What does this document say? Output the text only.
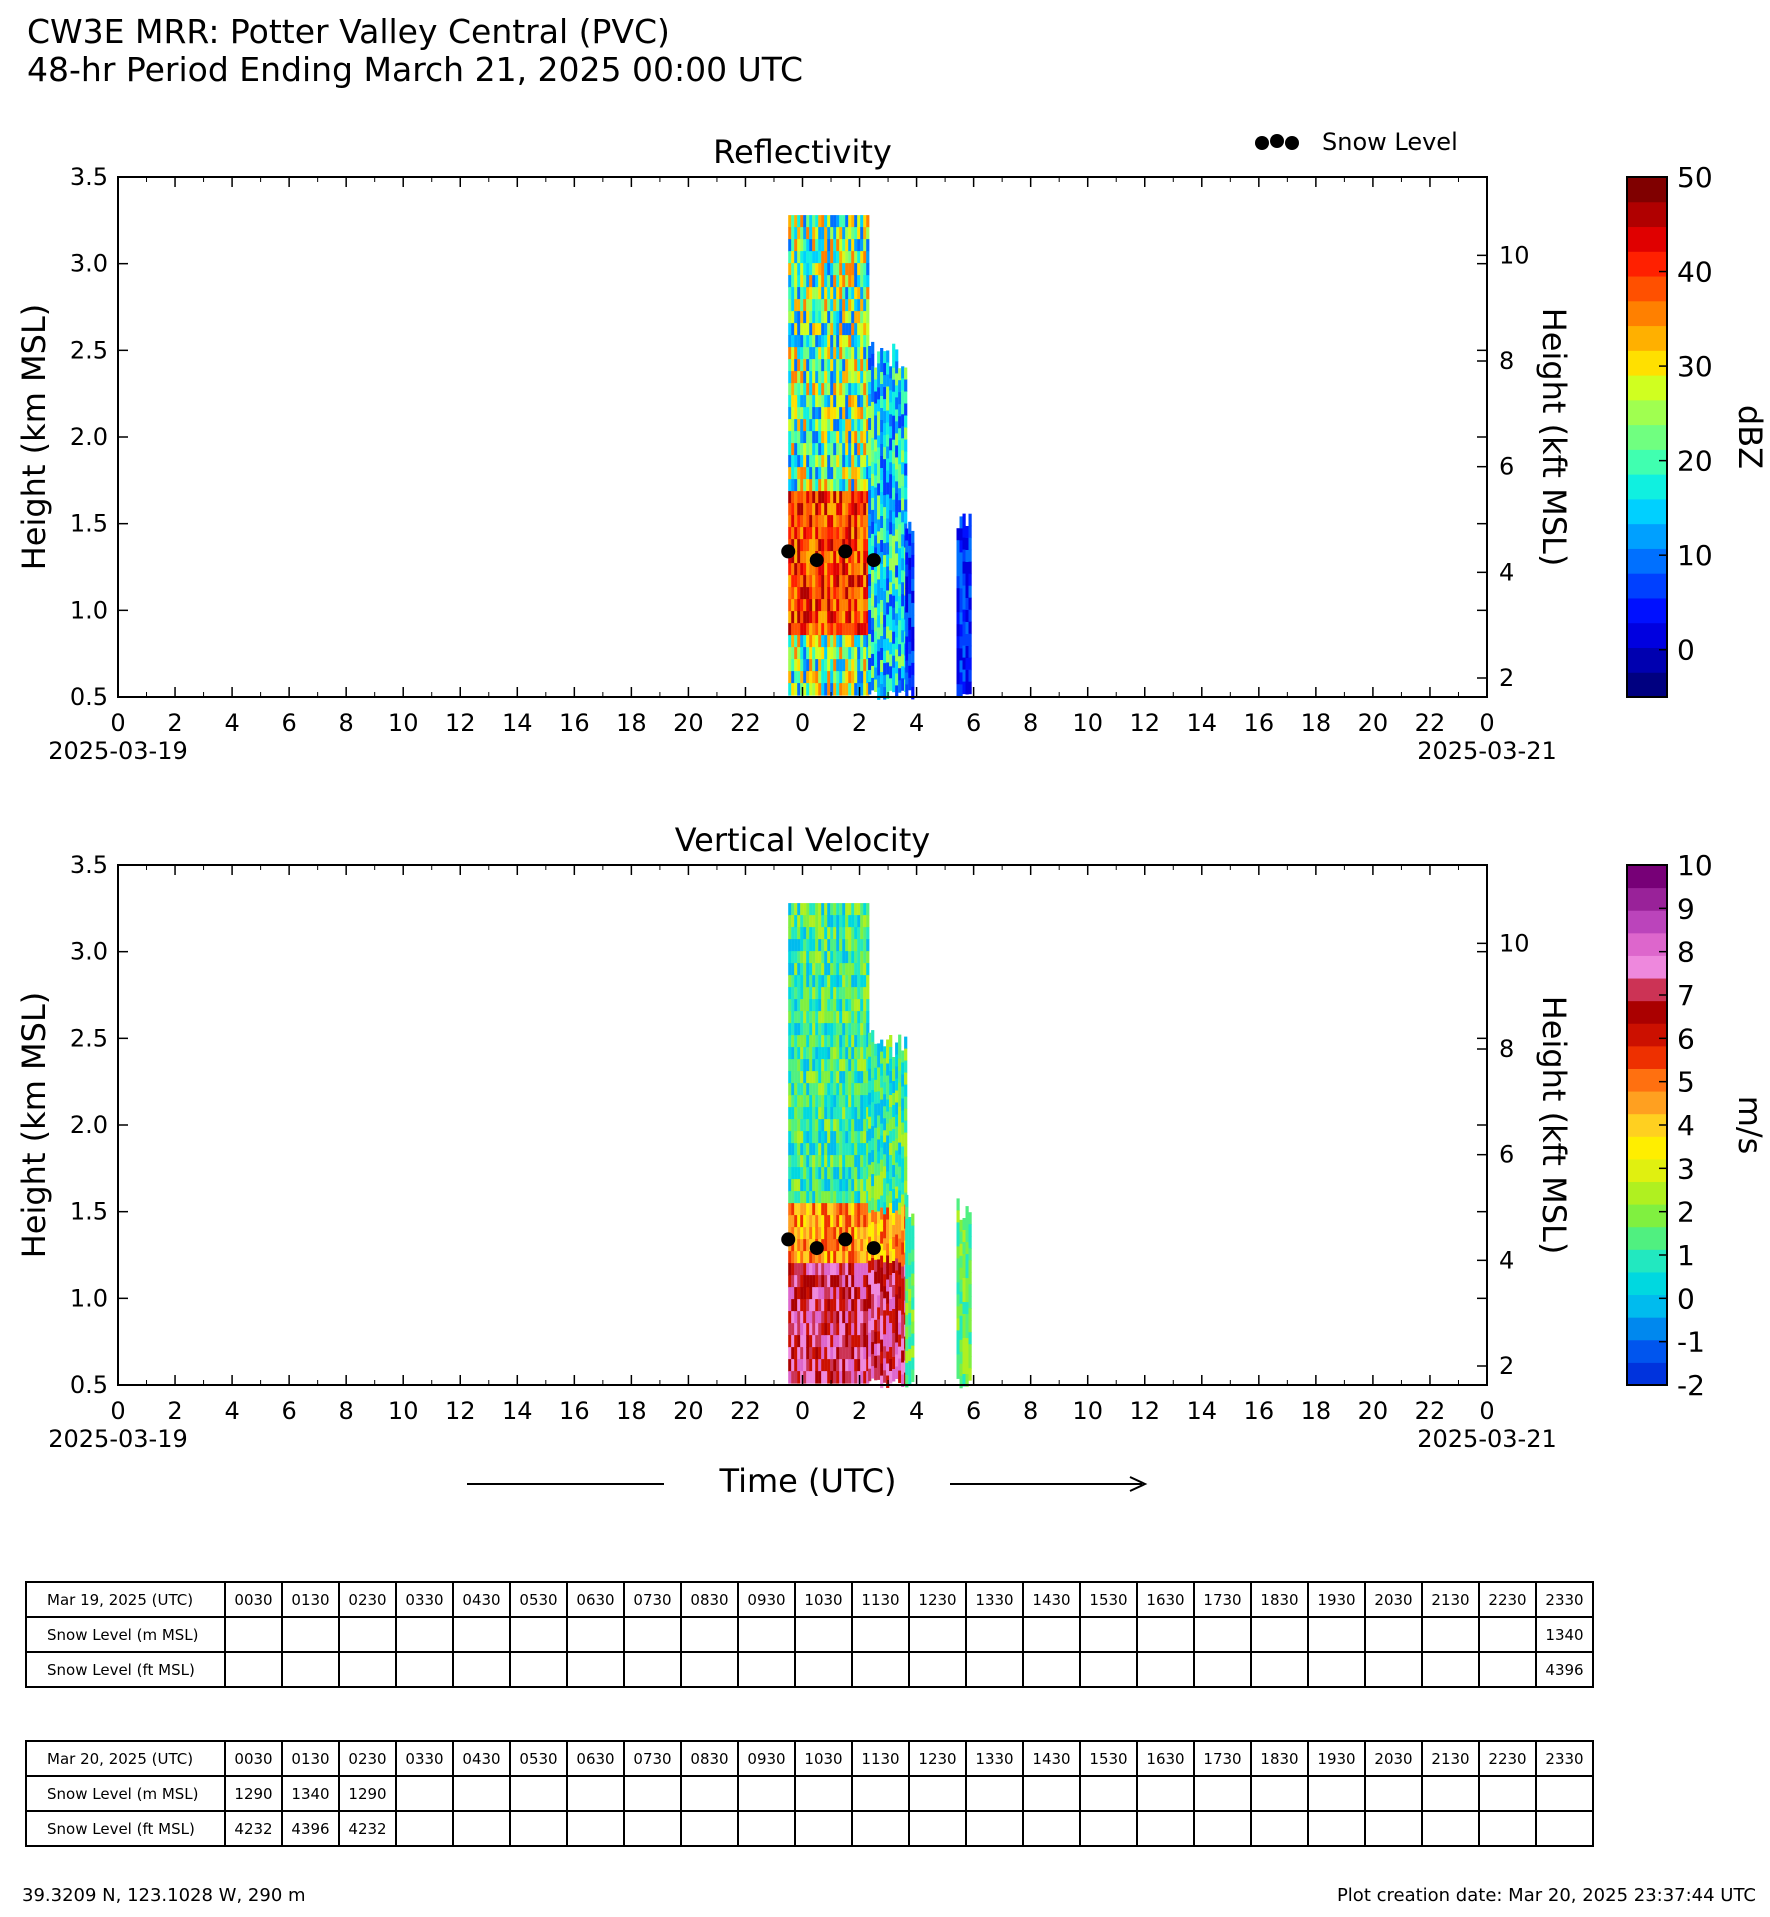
CW3E MRR: Potter Valley Central (PVC)
48-hr Period Ending March 21, 2025 00:00 UTC
Reflectivity
0.5
1.0
1.5
2.0
2.5
3.0
3.5
2
4
6
8
10
Height (km MSL)	Height (kft MSL)
0 2 4 6 8 10 12 14 16 18 20 22 0 2 4 6 8 10 12 14 16 18 20 22 0
2025-03-19	2025-03-21
50
40
30
20
10
0
dBZ
Vertical Velocity
0.5
1.0
1.5
2.0
2.5
3.0
3.5
2
4
6
8
10
Height (km MSL)	Height (kft MSL)
0 2 4 6 8 10 12 14 16 18 20 22 0 2 4 6 8 10 12 14 16 18 20 22 0
2025-03-19	2025-03-21
10
9
8
7
6
5
4
3
2
1
0
-1
-2
m/s
Snow Level
Time (UTC)
Mar 19, 2025 (UTC)	0030	0130	0230	0330	0430	0530	0630	0730	0830	0930	1030	1130	1230	1330	1430	1530	1630	1730	1830	1930	2030	2130	2230	2330
Snow Level (m MSL)																								1340
Snow Level (ft MSL)																								4396
Mar 20, 2025 (UTC)	0030	0130	0230	0330	0430	0530	0630	0730	0830	0930	1030	1130	1230	1330	1430	1530	1630	1730	1830	1930	2030	2130	2230	2330
Snow Level (m MSL)	1290	1340	1290																					
Snow Level (ft MSL)	4232	4396	4232																					
39.3209 N, 123.1028 W, 290 m	Plot creation date: Mar 20, 2025 23:37:44 UTC
